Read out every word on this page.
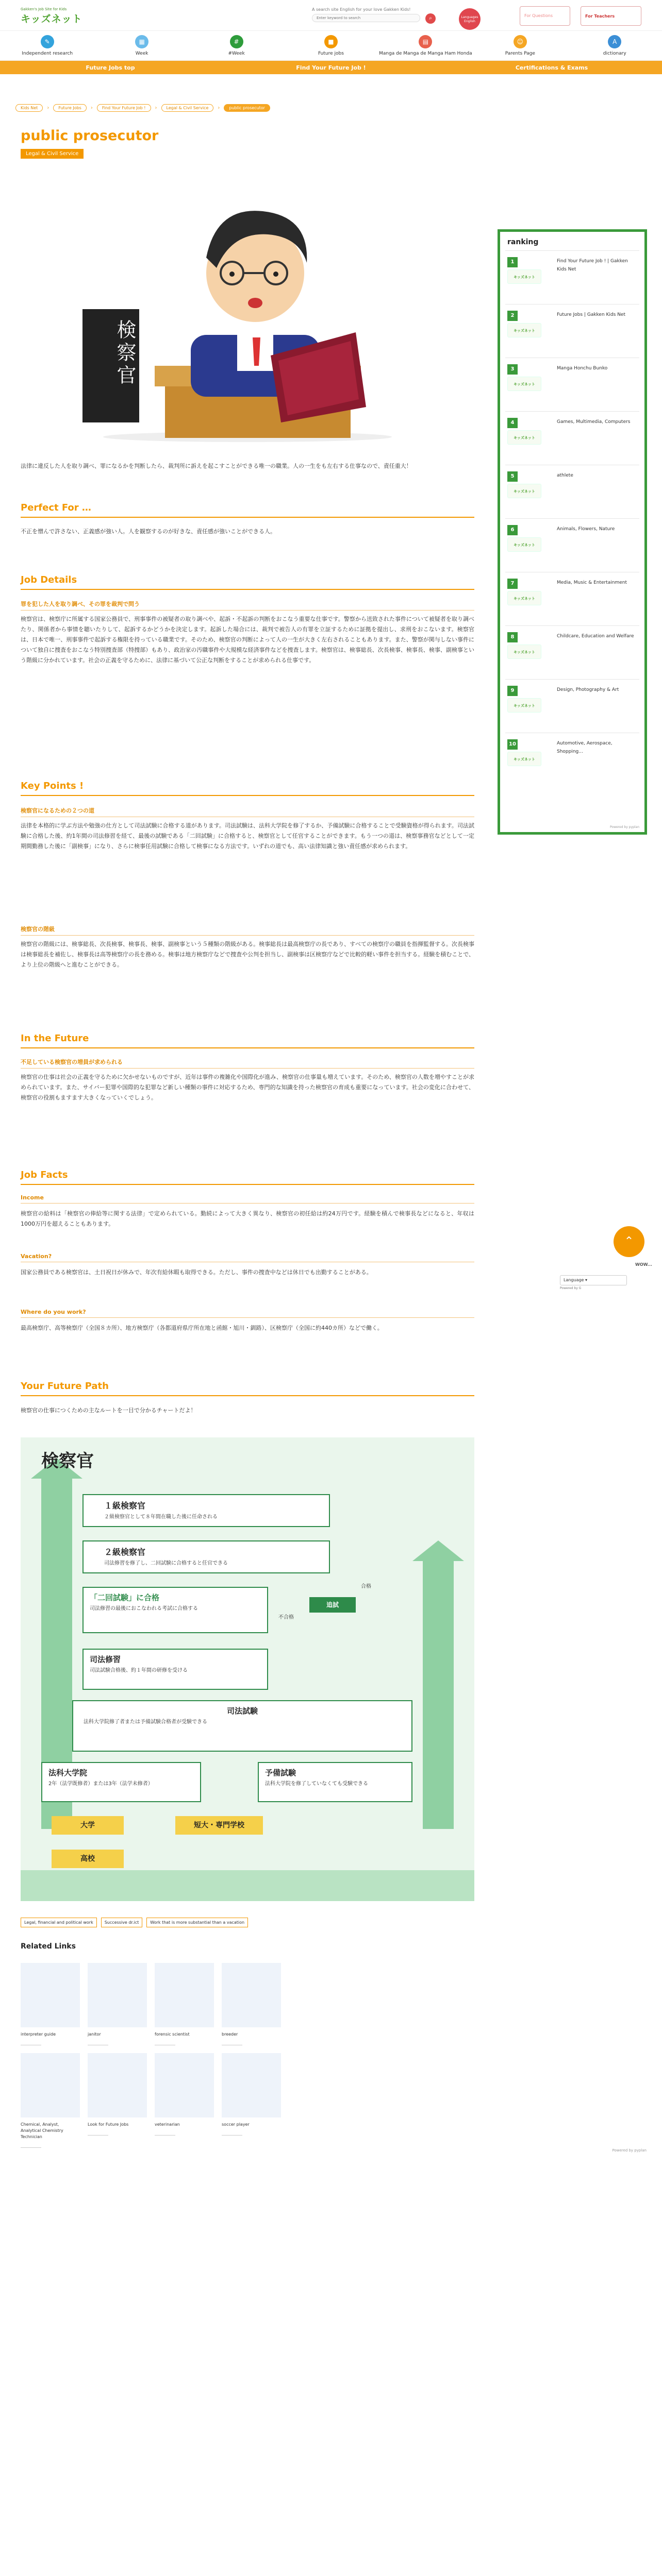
Gakken's Job Site for Kids
キッズネット
A search site English for your love Gakken Kids!
Enter keyword to search
⌕	Languages English
For Questions	For Teachers
✎
Independent research
▦
Week
#
#Week
■
Future jobs
▤
Manga de Manga de Manga Ham Honda
☺
Parents Page
A
dictionary
Future Jobs top	Find Your Future Job !	Certifications & Exams
Kids Net	›	Future Jobs	›	Find Your Future Job !	›	Legal & Civil Service	›	public prosecutor
public prosecutor
Legal & Civil Service
検察官
法律に違反した人を取り調べ、罪になるかを判断したら、裁判所に訴えを起こすことができる唯一の職業。人の一生をも左右する仕事なので、責任重大！
Perfect For …
不正を憎んで許さない、正義感が強い人。人を観察するのが好きな、責任感が強いことができる人。
Job Details
罪を犯した人を取り調べ、その罪を裁判で問う
検察官は、検察庁に所属する国家公務員で、刑事事件の被疑者の取り調べや、起訴・不起訴の判断をおこなう重要な仕事です。警察から送致された事件について被疑者を取り調べたり、関係者から事情を聴いたりして、起訴するかどうかを決定します。起訴した場合には、裁判で被告人の有罪を立証するために証拠を提出し、求刑をおこないます。検察官は、日本で唯一、刑事事件で起訴する権限を持っている職業です。そのため、検察官の判断によって人の一生が大きく左右されることもあります。また、警察が関与しない事件について独自に捜査をおこなう特別捜査部（特捜部）もあり、政治家の汚職事件や大規模な経済事件などを捜査します。検察官は、検事総長、次長検事、検事長、検事、副検事という階級に分かれています。社会の正義を守るために、法律に基づいて公正な判断をすることが求められる仕事です。
Key Points !
検察官になるための２つの道
法律を本格的に学ぶ方法や勉強の仕方として司法試験に合格する道があります。司法試験は、法科大学院を修了するか、予備試験に合格することで受験資格が得られます。司法試験に合格した後、約1年間の司法修習を経て、最後の試験である「二回試験」に合格すると、検察官として任官することができます。もう一つの道は、検察事務官などとして一定期間勤務した後に「副検事」になり、さらに検事任用試験に合格して検事になる方法です。いずれの道でも、高い法律知識と強い責任感が求められます。
検察官の階級
検察官の階級には、検事総長、次長検事、検事長、検事、副検事という５種類の階級がある。検事総長は最高検察庁の長であり、すべての検察庁の職員を指揮監督する。次長検事は検事総長を補佐し、検事長は高等検察庁の長を務める。検事は地方検察庁などで捜査や公判を担当し、副検事は区検察庁などで比較的軽い事件を担当する。経験を積むことで、より上位の階級へと進むことができる。
In the Future
不足している検察官の増員が求められる
検察官の仕事は社会の正義を守るために欠かせないものですが、近年は事件の複雑化や国際化が進み、検察官の仕事量も増えています。そのため、検察官の人数を増やすことが求められています。また、サイバー犯罪や国際的な犯罪など新しい種類の事件に対応するため、専門的な知識を持った検察官の育成も重要になっています。社会の変化に合わせて、検察官の役割もますます大きくなっていくでしょう。
Job Facts
Income
検察官の給料は「検察官の俸給等に関する法律」で定められている。勤続によって大きく異なり、検察官の初任給は約24万円です。経験を積んで検事長などになると、年収は1000万円を超えることもあります。
Vacation?
国家公務員である検察官は、土日祝日が休みで、年次有給休暇も取得できる。ただし、事件の捜査中などは休日でも出勤することがある。
Where do you work?
最高検察庁、高等検察庁（全国８カ所）、地方検察庁（各都道府県庁所在地と函館・旭川・釧路）、区検察庁（全国に約440カ所）などで働く。
Your Future Path
検察官の仕事につくための主なルートを一目で分かるチャートだよ！
検察官
１級検察官
２級検察官として８年間在職した後に任命される
２級検察官
司法修習を修了し、二回試験に合格すると任官できる
「二回試験」に合格
司法修習の最後におこなわれる考試に合格する
追試
合格
不合格
司法修習
司法試験合格後、約１年間の研修を受ける
司法試験
法科大学院修了者または予備試験合格者が受験できる
法科大学院
2年（法学既修者）または3年（法学未修者）
予備試験
法科大学院を修了していなくても受験できる
大学	短大・専門学校
高校
Legal, financial and political work	Successive dr.ict	Work that is more substantial than a vacation
Related Links
interpreter guide	janitor	forensic scientist	breeder
Chemical, Analyst, Analytical Chemistry Technician
Look for Future Jobs	veterinarian	soccer player
Powered by pyplan
ranking
1
キッズネット
Find Your Future Job ! | Gakken Kids Net
2
キッズネット
Future Jobs | Gakken Kids Net
3
キッズネット
Manga Honchu Bunko
4
キッズネット
Games, Multimedia, Computers
5
キッズネット
athlete
6
キッズネット
Animals, Flowers, Nature
7
キッズネット
Media, Music & Entertainment
8
キッズネット
Childcare, Education and Welfare
9
キッズネット
Design, Photography & Art
10
キッズネット
Automotive, Aerospace, Shopping...
Powered by pyplan
⌃
WOW...
Language ▾
Powered by G
